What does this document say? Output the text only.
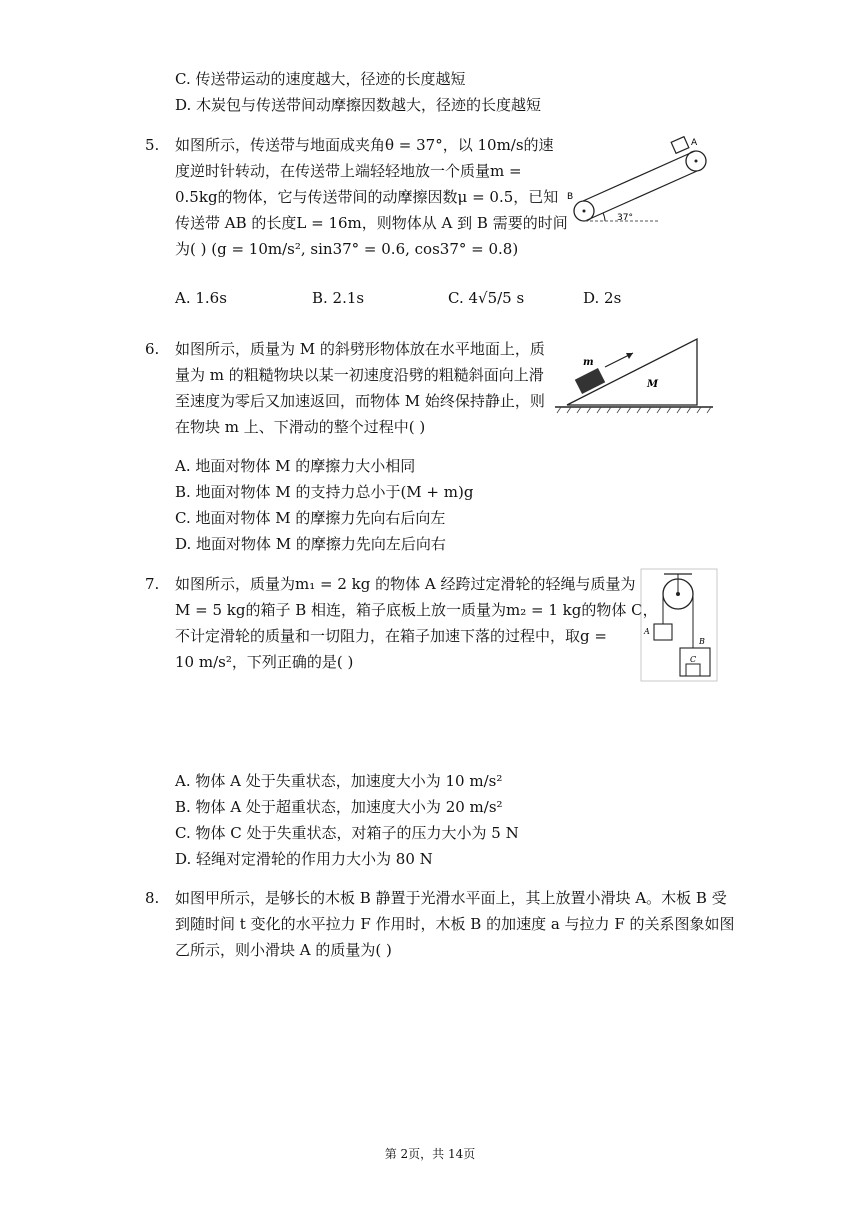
C. 传送带运动的速度越大，径迹的长度越短
D. 木炭包与传送带间动摩擦因数越大，径迹的长度越短
5. 如图所示，传送带与地面成夹角θ = 37°，以 10m/s的速
度逆时针转动，在传送带上端轻轻地放一个质量m =
0.5kg的物体，它与传送带间的动摩擦因数μ = 0.5，已知
传送带 AB 的长度L = 16m，则物体从 A 到 B 需要的时间
为( ) (g = 10m/s², sin37° = 0.6, cos37° = 0.8)
A
B
37°
A. 1.6s	B. 2.1s	C. 4√5/5 s	D. 2s
6. 如图所示，质量为 M 的斜劈形物体放在水平地面上，质
量为 m 的粗糙物块以某一初速度沿劈的粗糙斜面向上滑
至速度为零后又加速返回，而物体 M 始终保持静止，则
在物块 m 上、下滑动的整个过程中( )
m
M
A. 地面对物体 M 的摩擦力大小相同
B. 地面对物体 M 的支持力总小于(M + m)g
C. 地面对物体 M 的摩擦力先向右后向左
D. 地面对物体 M 的摩擦力先向左后向右
7. 如图所示，质量为m₁ = 2 kg 的物体 A 经跨过定滑轮的轻绳与质量为
M = 5 kg的箱子 B 相连，箱子底板上放一质量为m₂ = 1 kg的物体 C，
不计定滑轮的质量和一切阻力，在箱子加速下落的过程中，取g =
10 m/s²，下列正确的是( )
A
B
C
A. 物体 A 处于失重状态，加速度大小为 10 m/s²
B. 物体 A 处于超重状态，加速度大小为 20 m/s²
C. 物体 C 处于失重状态，对箱子的压力大小为 5 N
D. 轻绳对定滑轮的作用力大小为 80 N
8. 如图甲所示，是够长的木板 B 静置于光滑水平面上，其上放置小滑块 A。木板 B 受
到随时间 t 变化的水平拉力 F 作用时，木板 B 的加速度 a 与拉力 F 的关系图象如图
乙所示，则小滑块 A 的质量为( )
第 2页，共 14页
